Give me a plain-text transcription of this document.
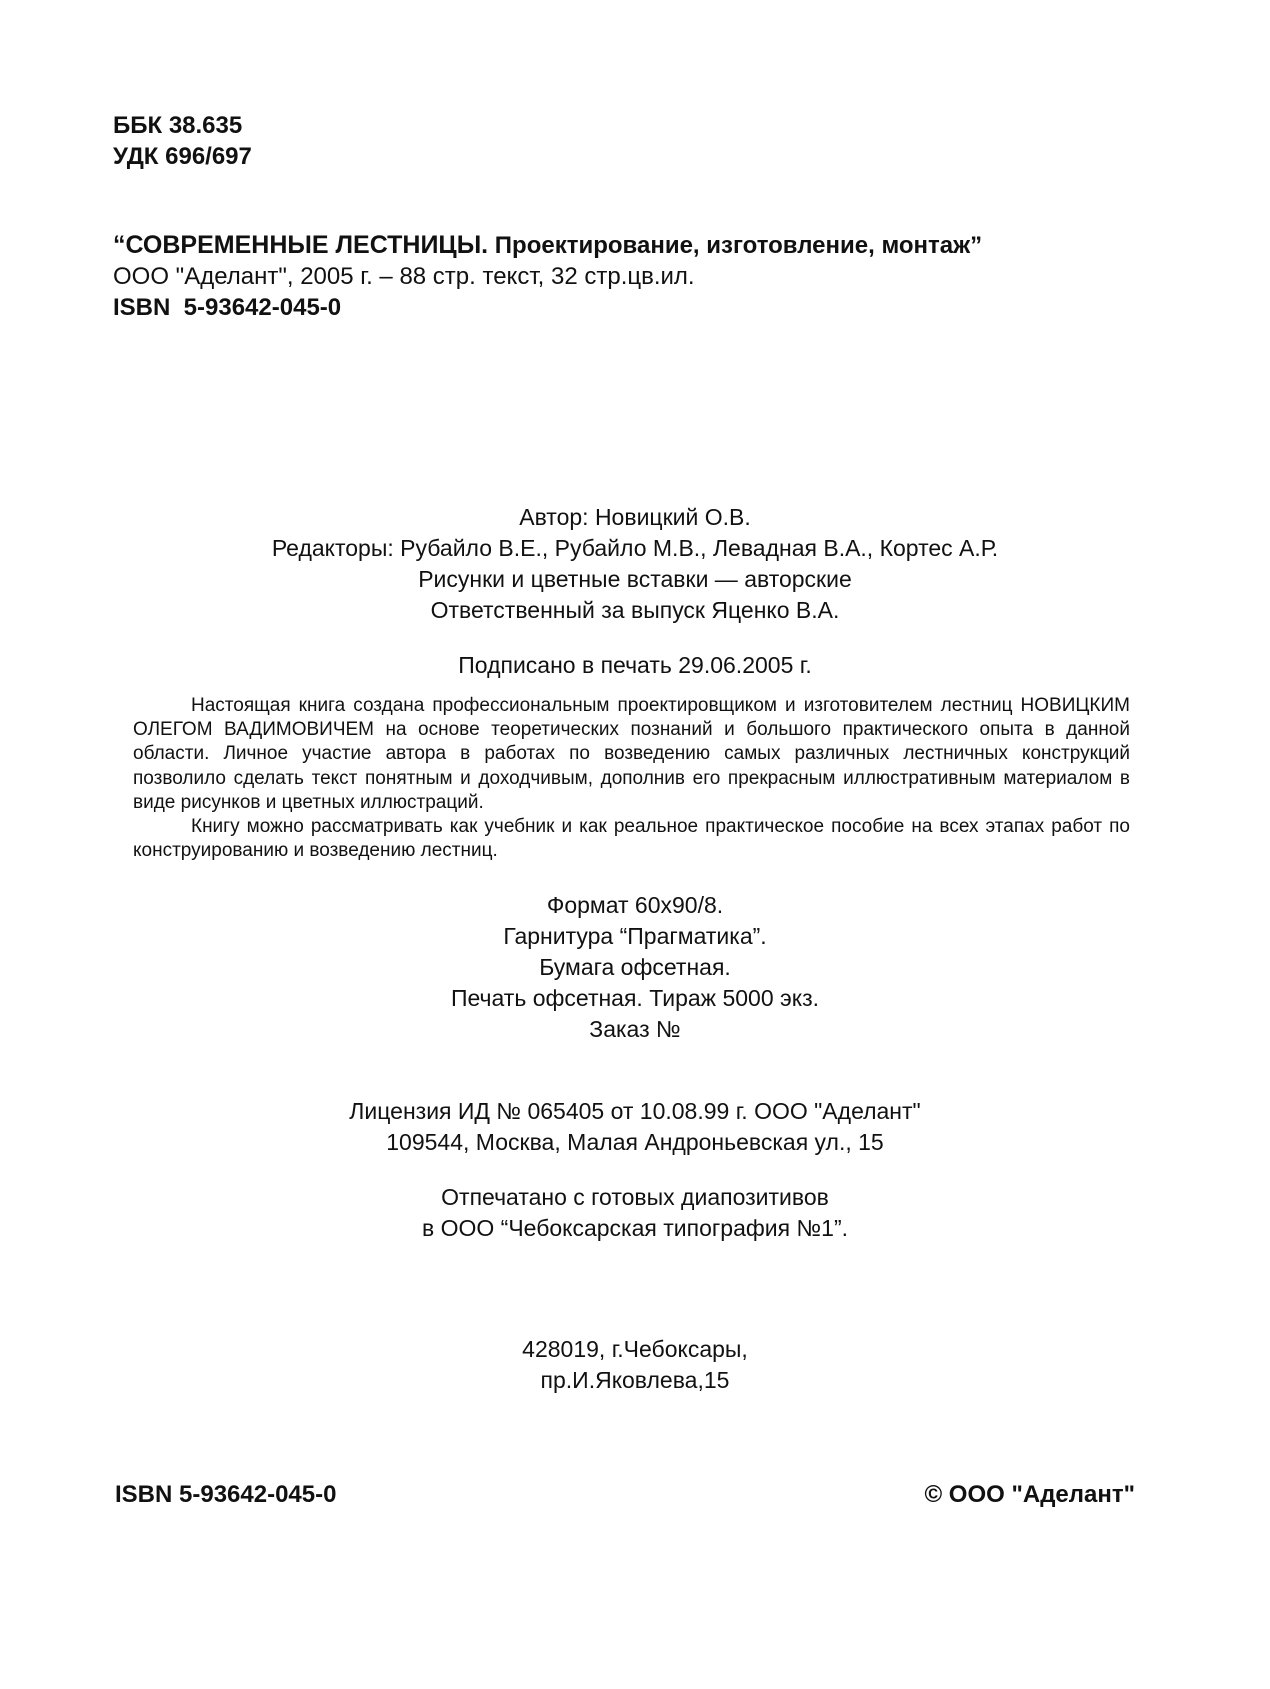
ББК 38.635
УДК 696/697
“СОВРЕМЕННЫЕ ЛЕСТНИЦЫ. Проектирование, изготовление, монтаж”
ООО "Аделант", 2005 г. – 88 стр. текст, 32 стр.цв.ил.
ISBN  5-93642-045-0
Автор: Новицкий О.В.
Редакторы: Рубайло В.Е., Рубайло М.В., Левадная В.А., Кортес А.Р.
Рисунки и цветные вставки — авторские
Ответственный за выпуск Яценко В.А.
Подписано в печать 29.06.2005 г.

Настоящая книга создана профессиональным проектировщиком и изготовителем лестниц НОВИЦКИМ ОЛЕГОМ ВАДИМОВИЧЕМ на основе теоретических познаний и большого практического опыта в данной области. Личное участие автора в работах по возведению самых различных лестничных конструкций позволило сделать текст понятным и доходчивым, дополнив его прекрасным иллюстративным материалом в виде рисунков и цветных иллюстраций.

Книгу можно рассматривать как учебник и как реальное практическое пособие на всех этапах работ по конструированию и возведению лестниц.

Формат 60х90/8.
Гарнитура “Прагматика”.
Бумага офсетная.
Печать офсетная. Тираж 5000 экз.
Заказ №
Лицензия ИД № 065405 от 10.08.99 г. ООО "Аделант"
109544, Москва, Малая Андроньевская ул., 15
Отпечатано с готовых диапозитивов
в ООО “Чебоксарская типография №1”.
428019, г.Чебоксары,
пр.И.Яковлева,15
ISBN 5-93642-045-0	© ООО "Аделант"
